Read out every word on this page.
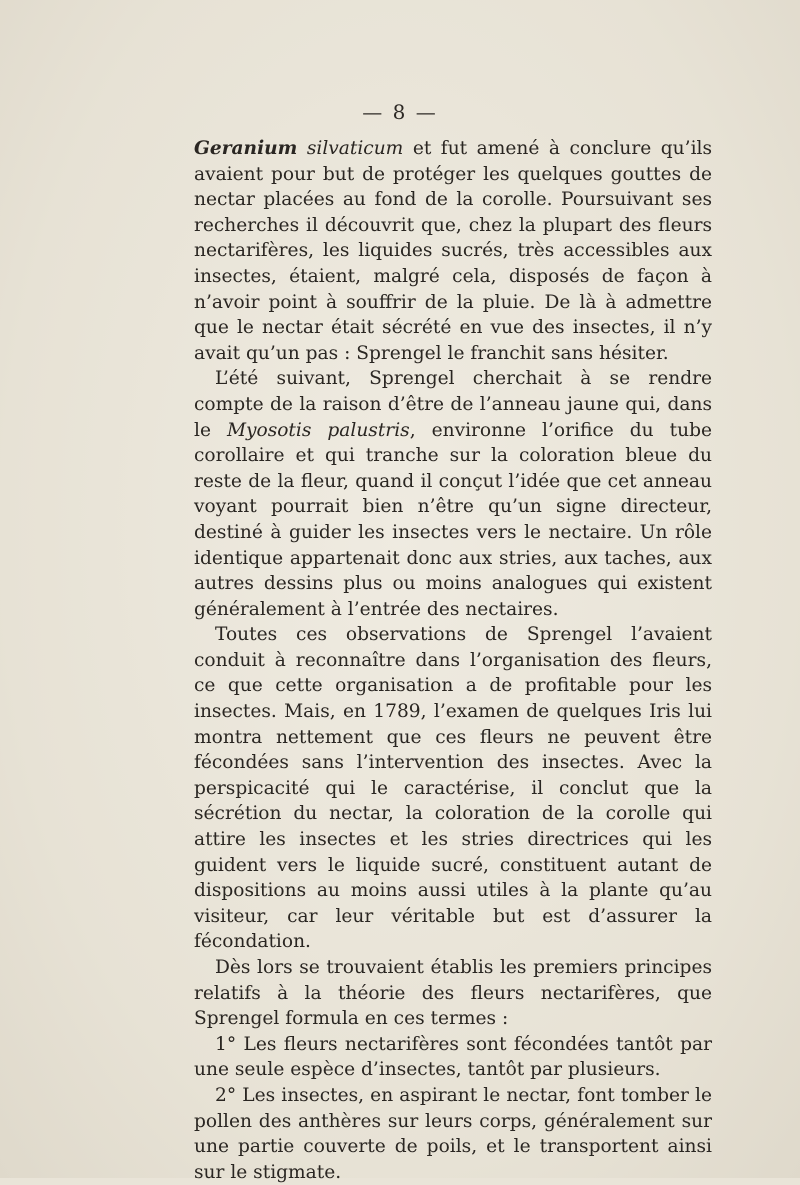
— 8 —

Geranium silvaticum et fut amené à conclure qu’ils avaient pour but de protéger les quelques gouttes de nectar placées au fond de la corolle. Poursuivant ses recherches il découvrit que, chez la plupart des fleurs nectarifères, les liquides sucrés, très accessibles aux insectes, étaient, malgré cela, disposés de façon à n’avoir point à souffrir de la pluie. De là à admettre que le nectar était sécrété en vue des insectes, il n’y avait qu’un pas : Sprengel le franchit sans hésiter.

L’été suivant, Sprengel cherchait à se rendre compte de la raison d’être de l’anneau jaune qui, dans le Myosotis palustris, environne l’orifice du tube corollaire et qui tranche sur la coloration bleue du reste de la fleur, quand il conçut l’idée que cet anneau voyant pourrait bien n’être qu’un signe directeur, destiné à guider les insectes vers le nectaire. Un rôle identique appartenait donc aux stries, aux taches, aux autres dessins plus ou moins analogues qui existent généralement à l’entrée des nectaires.

Toutes ces observations de Sprengel l’avaient conduit à reconnaître dans l’organisation des fleurs, ce que cette organisation a de profitable pour les insectes. Mais, en 1789, l’examen de quelques Iris lui montra nettement que ces fleurs ne peuvent être fécondées sans l’intervention des insectes. Avec la perspicacité qui le caractérise, il conclut que la sécrétion du nectar, la coloration de la corolle qui attire les insectes et les stries directrices qui les guident vers le liquide sucré, constituent autant de dispositions au moins aussi utiles à la plante qu’au visiteur, car leur véritable but est d’assurer la fécondation.

Dès lors se trouvaient établis les premiers principes relatifs à la théorie des fleurs nectarifères, que Sprengel formula en ces termes :

1° Les fleurs nectarifères sont fécondées tantôt par une seule espèce d’insectes, tantôt par plusieurs.

2° Les insectes, en aspirant le nectar, font tomber le pollen des anthères sur leurs corps, généralement sur une partie couverte de poils, et le transportent ainsi sur le stigmate.
